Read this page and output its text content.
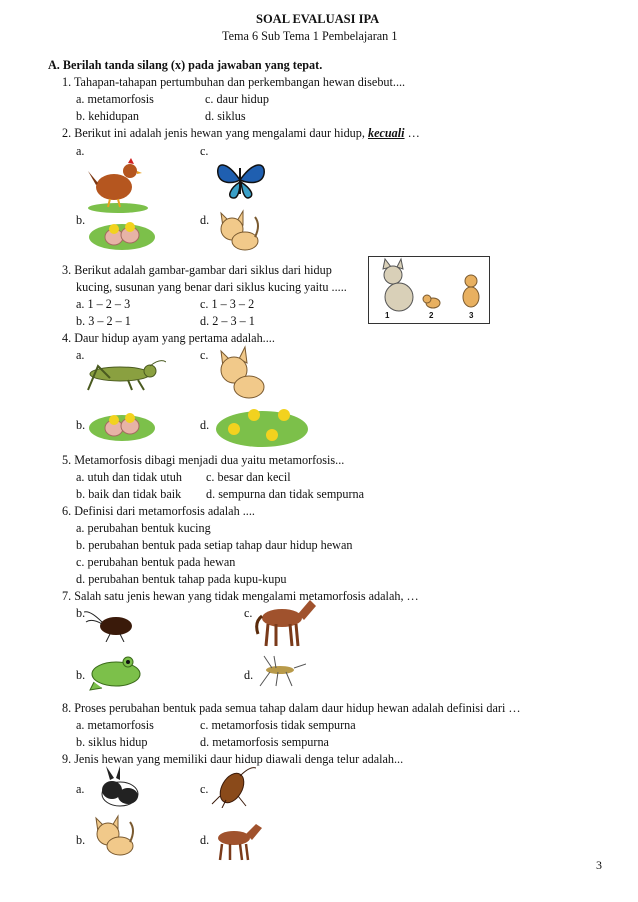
SOAL EVALUASI IPA
Tema 6 Sub Tema 1 Pembelajaran 1
A. Berilah tanda silang (x) pada jawaban yang tepat.
1. Tahapan-tahapan pertumbuhan dan perkembangan hewan disebut....
a. metamorfosis	c. daur hidup
b. kehidupan	d. siklus
2. Berikut ini adalah jenis hewan yang mengalami daur hidup, kecuali …
a.	c.
b.	d.
3. Berikut adalah gambar-gambar dari siklus dari hidup
kucing, susunan yang benar dari siklus kucing yaitu .....
a. 1 – 2 – 3	c. 1 – 3 – 2
b. 3 – 2 – 1	d. 2 – 3 – 1	1	2	3
4. Daur hidup ayam yang pertama adalah....
a.	c.
b.	d.
5. Metamorfosis dibagi menjadi dua yaitu metamorfosis...
a. utuh dan tidak utuh c. besar dan kecil
b. baik dan tidak baik d. sempurna dan tidak sempurna
6. Definisi dari metamorfosis adalah ....
a. perubahan bentuk kucing
b. perubahan bentuk pada setiap tahap daur hidup hewan
c. perubahan bentuk pada hewan
d. perubahan bentuk tahap pada kupu-kupu
7. Salah satu jenis hewan yang tidak mengalami metamorfosis adalah, …
b.	c.
b.	d.
8. Proses perubahan bentuk pada semua tahap dalam daur hidup hewan adalah definisi dari …
a. metamorfosis	c. metamorfosis tidak sempurna
b. siklus hidup	d. metamorfosis sempurna
9. Jenis hewan yang memiliki daur hidup diawali denga telur adalah...
a.	c.
b.	d.
3
